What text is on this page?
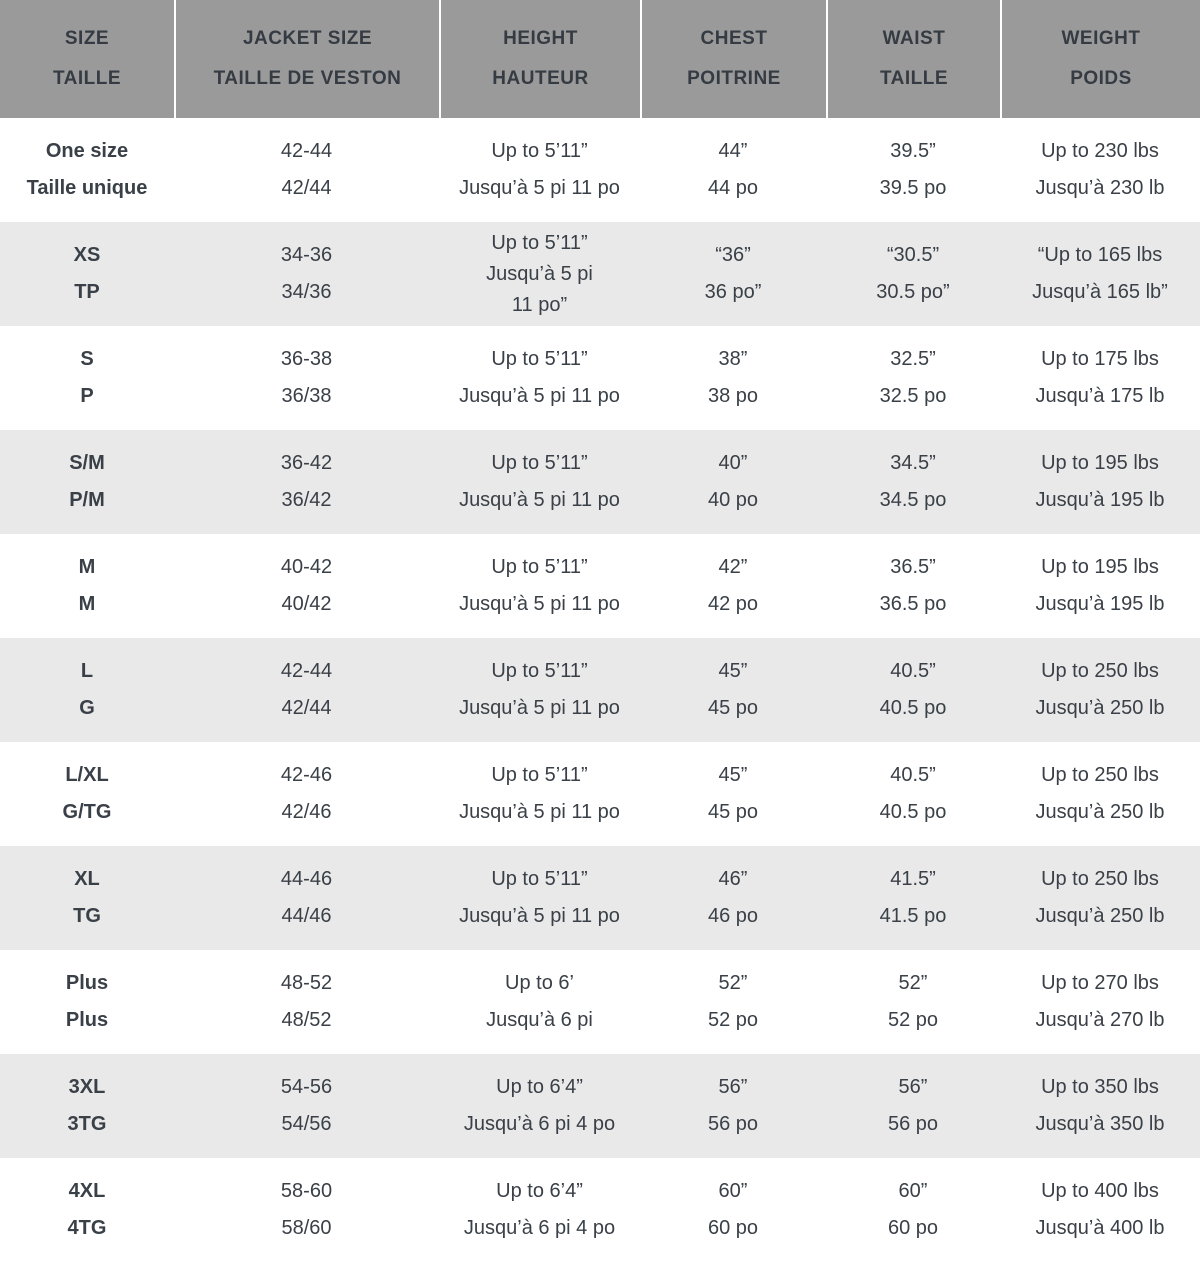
SIZE
TAILLE
JACKET SIZE
TAILLE DE VESTON
HEIGHT
HAUTEUR
CHEST
POITRINE
WAIST
TAILLE
WEIGHT
POIDS
One size
Taille unique
42-44
42/44
Up to 5’11”
Jusqu’à 5 pi 11 po
44”
44 po
39.5”
39.5 po
Up to 230 lbs
Jusqu’à 230 lb
XS
TP
34-36
34/36
Up to 5’11”
Jusqu’à 5 pi
11 po”
“36”
36 po”
“30.5”
30.5 po”
“Up to 165 lbs
Jusqu’à 165 lb”
S
P
36-38
36/38
Up to 5’11”
Jusqu’à 5 pi 11 po
38”
38 po
32.5”
32.5 po
Up to 175 lbs
Jusqu’à 175 lb
S/M
P/M
36-42
36/42
Up to 5’11”
Jusqu’à 5 pi 11 po
40”
40 po
34.5”
34.5 po
Up to 195 lbs
Jusqu’à 195 lb
M
M
40-42
40/42
Up to 5’11”
Jusqu’à 5 pi 11 po
42”
42 po
36.5”
36.5 po
Up to 195 lbs
Jusqu’à 195 lb
L
G
42-44
42/44
Up to 5’11”
Jusqu’à 5 pi 11 po
45”
45 po
40.5”
40.5 po
Up to 250 lbs
Jusqu’à 250 lb
L/XL
G/TG
42-46
42/46
Up to 5’11”
Jusqu’à 5 pi 11 po
45”
45 po
40.5”
40.5 po
Up to 250 lbs
Jusqu’à 250 lb
XL
TG
44-46
44/46
Up to 5’11”
Jusqu’à 5 pi 11 po
46”
46 po
41.5”
41.5 po
Up to 250 lbs
Jusqu’à 250 lb
Plus
Plus
48-52
48/52
Up to 6’
Jusqu’à 6 pi
52”
52 po
52”
52 po
Up to 270 lbs
Jusqu’à 270 lb
3XL
3TG
54-56
54/56
Up to 6’4”
Jusqu’à 6 pi 4 po
56”
56 po
56”
56 po
Up to 350 lbs
Jusqu’à 350 lb
4XL
4TG
58-60
58/60
Up to 6’4”
Jusqu’à 6 pi 4 po
60”
60 po
60”
60 po
Up to 400 lbs
Jusqu’à 400 lb
